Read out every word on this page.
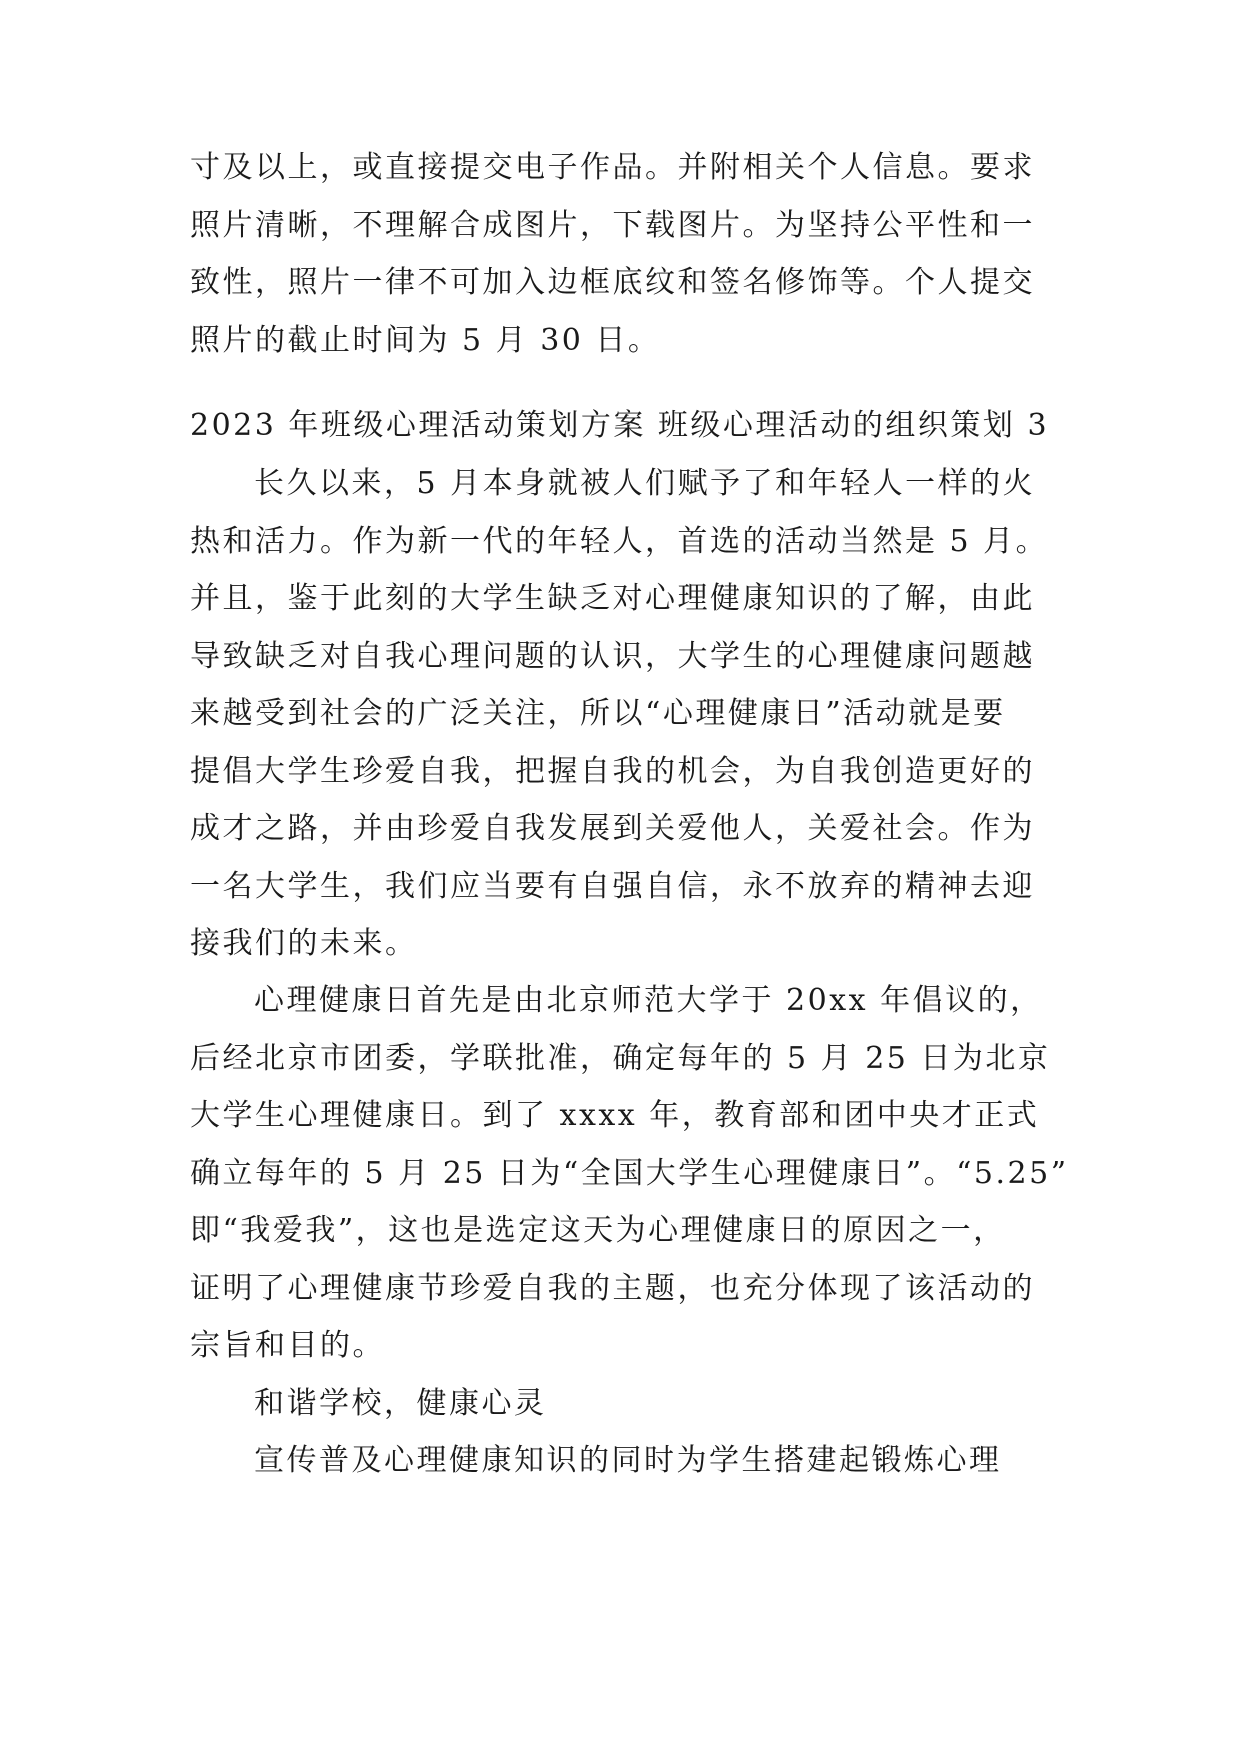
寸及以上，或直接提交电子作品。并附相关个人信息。要求
照片清晰，不理解合成图片，下载图片。为坚持公平性和一
致性，照片一律不可加入边框底纹和签名修饰等。个人提交
照片的截止时间为 5 月 30 日。
2023 年班级心理活动策划方案 班级心理活动的组织策划 3
长久以来，5 月本身就被人们赋予了和年轻人一样的火
热和活力。作为新一代的年轻人，首选的活动当然是 5 月。
并且，鉴于此刻的大学生缺乏对心理健康知识的了解，由此
导致缺乏对自我心理问题的认识，大学生的心理健康问题越
来越受到社会的广泛关注，所以“心理健康日”活动就是要
提倡大学生珍爱自我，把握自我的机会，为自我创造更好的
成才之路，并由珍爱自我发展到关爱他人，关爱社会。作为
一名大学生，我们应当要有自强自信，永不放弃的精神去迎
接我们的未来。
心理健康日首先是由北京师范大学于 20xx 年倡议的，
后经北京市团委，学联批准，确定每年的 5 月 25 日为北京
大学生心理健康日。到了 xxxx 年，教育部和团中央才正式
确立每年的 5 月 25 日为“全国大学生心理健康日”。“5.25”
即“我爱我”，这也是选定这天为心理健康日的原因之一，
证明了心理健康节珍爱自我的主题，也充分体现了该活动的
宗旨和目的。
和谐学校，健康心灵
宣传普及心理健康知识的同时为学生搭建起锻炼心理
